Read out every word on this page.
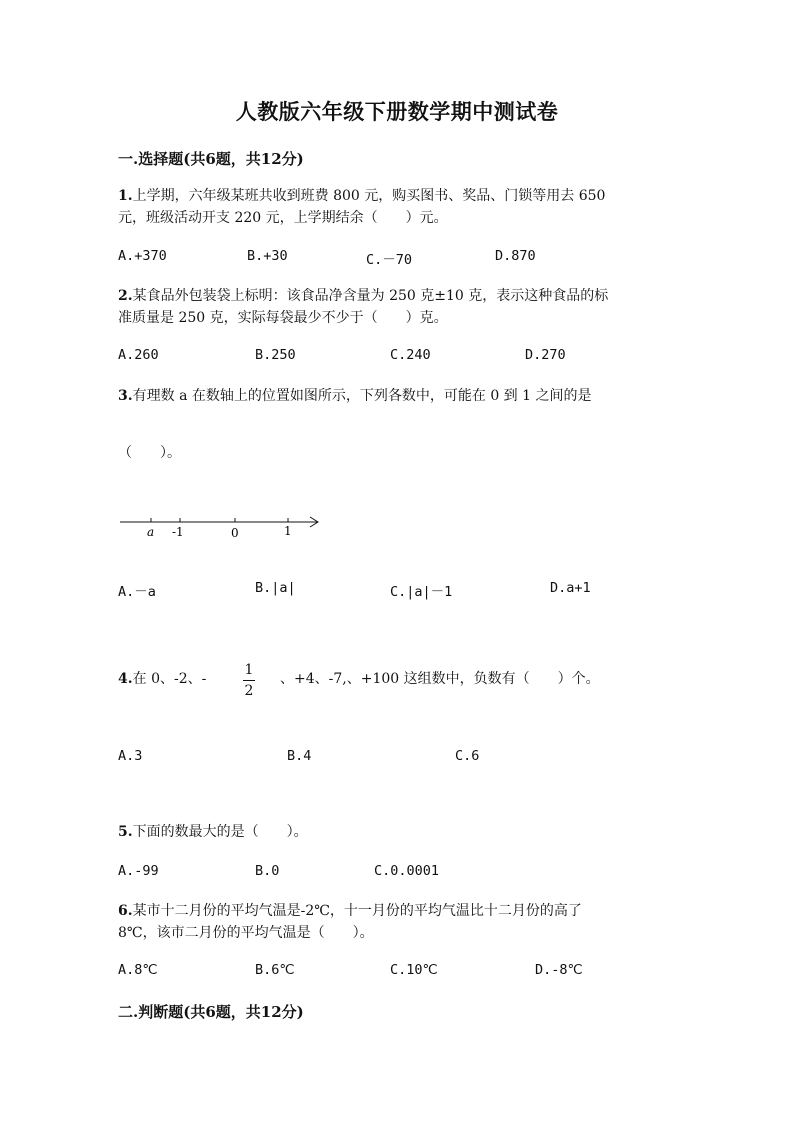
人教版六年级下册数学期中测试卷
一.选择题(共6题，共12分)
1.上学期，六年级某班共收到班费 800 元，购买图书、奖品、门锁等用去 650
元，班级活动开支 220 元，上学期结余（　　）元。
A.+370	B.+30	C.－70	D.870
2.某食品外包装袋上标明：该食品净含量为 250 克±10 克，表示这种食品的标
准质量是 250 克，实际每袋最少不少于（　　）克。
A.260	B.250	C.240	D.270
3.有理数 a 在数轴上的位置如图所示，下列各数中，可能在 0 到 1 之间的是
（　　）。
a -1	0	1
A.－a	B.|a|	C.|a|－1	D.a+1
4.在 0、-2、-
1
2
、+4、-7,、+100 这组数中，负数有（　　）个。
A.3	B.4	C.6
5.下面的数最大的是（　　）。
A.-99	B.0	C.0.0001
6.某市十二月份的平均气温是-2℃，十一月份的平均气温比十二月份的高了
8℃，该市二月份的平均气温是（　　）。
A.8℃	B.6℃	C.10℃	D.-8℃
二.判断题(共6题，共12分)
